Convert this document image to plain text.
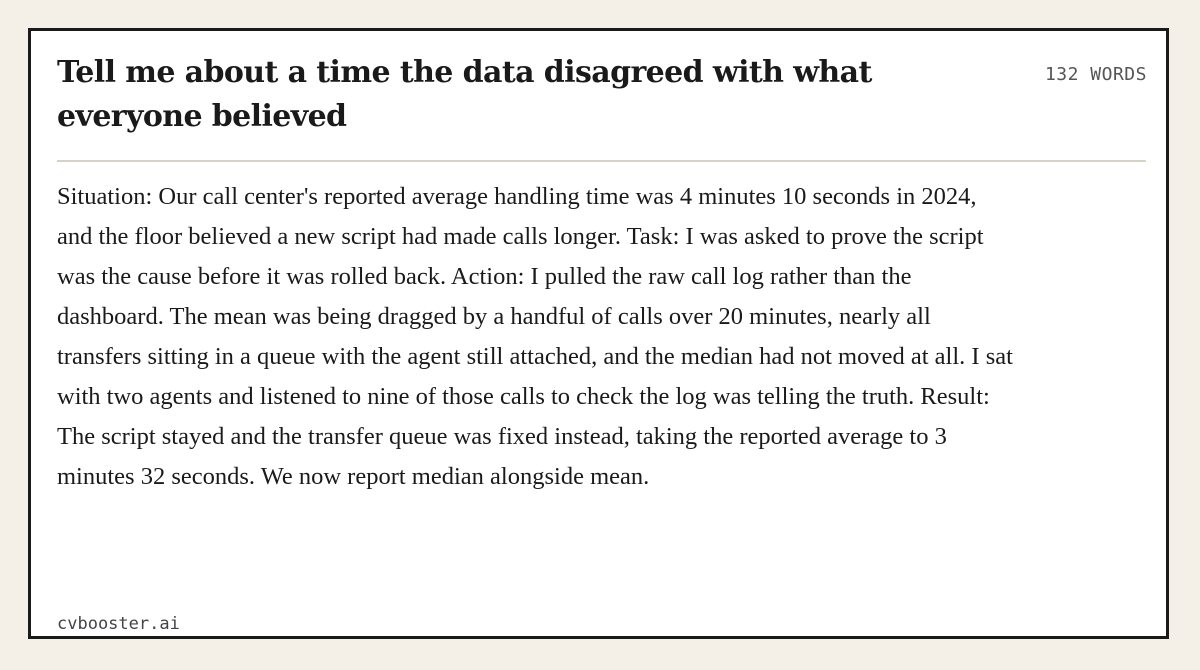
Tell me about a time the data disagreed with what everyone believed
132 WORDS

Situation: Our call center's reported average handling time was 4 minutes 10 seconds in 2024, and the floor believed a new script had made calls longer. Task: I was asked to prove the script was the cause before it was rolled back. Action: I pulled the raw call log rather than the dashboard. The mean was being dragged by a handful of calls over 20 minutes, nearly all transfers sitting in a queue with the agent still attached, and the median had not moved at all. I sat with two agents and listened to nine of those calls to check the log was telling the truth. Result: The script stayed and the transfer queue was fixed instead, taking the reported average to 3 minutes 32 seconds. We now report median alongside mean.

cvbooster.ai
